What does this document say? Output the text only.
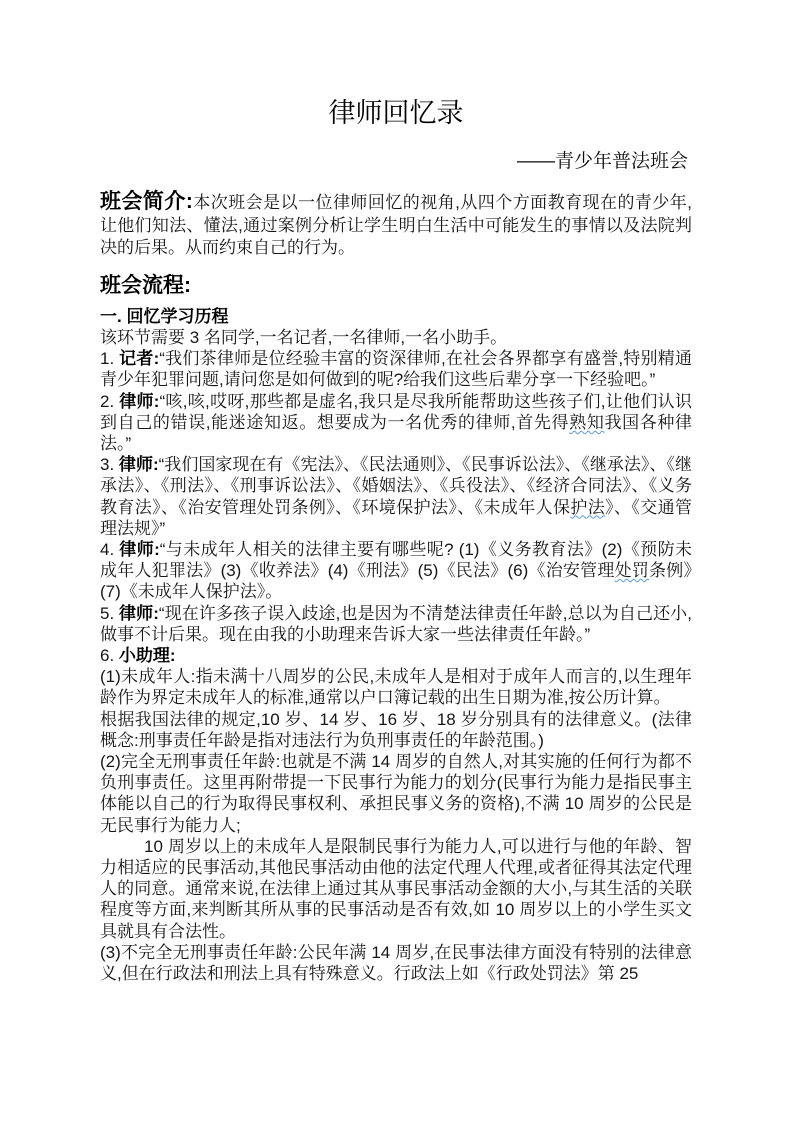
律师回忆录
——青少年普法班会

班会简介:本次班会是以一位律师回忆的视角,从四个方面教育现在的青少年,让他们知法、懂法,通过案例分析让学生明白生活中可能发生的事情以及法院判决的后果。从而约束自己的行为。

班会流程:
一. 回忆学习历程

该环节需要 3 名同学,一名记者,一名律师,一名小助手。

1. 记者:“我们茶律师是位经验丰富的资深律师,在社会各界都享有盛誉,特别精通青少年犯罪问题,请问您是如何做到的呢?给我们这些后辈分享一下经验吧。”

2. 律师:“咳,咳,哎呀,那些都是虚名,我只是尽我所能帮助这些孩子们,让他们认识到自己的错误,能迷途知返。想要成为一名优秀的律师,首先得熟知我国各种律法。”

3. 律师:“我们国家现在有《宪法》、《民法通则》、《民事诉讼法》、《继承法》、《继承法》、《刑法》、《刑事诉讼法》、《婚姻法》、《兵役法》、《经济合同法》、《义务教育法》、《治安管理处罚条例》、《环境保护法》、《未成年人保护法》、《交通管理法规》”

4. 律师:“与未成年人相关的法律主要有哪些呢? (1)《义务教育法》(2)《预防未成年人犯罪法》(3)《收养法》(4)《刑法》(5)《民法》(6)《治安管理处罚条例》(7)《未成年人保护法》。

5. 律师:“现在许多孩子误入歧途,也是因为不清楚法律责任年龄,总以为自己还小,做事不计后果。现在由我的小助理来告诉大家一些法律责任年龄。”

6. 小助理:

(1)未成年人:指未满十八周岁的公民,未成年人是相对于成年人而言的,以生理年龄作为界定未成年人的标准,通常以户口簿记载的出生日期为准,按公历计算。

根据我国法律的规定,10 岁、14 岁、16 岁、18 岁分别具有的法律意义。(法律概念:刑事责任年龄是指对违法行为负刑事责任的年龄范围。)

(2)完全无刑事责任年龄:也就是不满 14 周岁的自然人,对其实施的任何行为都不负刑事责任。这里再附带提一下民事行为能力的划分(民事行为能力是指民事主体能以自己的行为取得民事权利、承担民事义务的资格),不满 10 周岁的公民是无民事行为能力人;

10 周岁以上的未成年人是限制民事行为能力人,可以进行与他的年龄、智力相适应的民事活动,其他民事活动由他的法定代理人代理,或者征得其法定代理人的同意。通常来说,在法律上通过其从事民事活动金额的大小,与其生活的关联程度等方面,来判断其所从事的民事活动是否有效,如 10 周岁以上的小学生买文具就具有合法性。

(3)不完全无刑事责任年龄:公民年满 14 周岁,在民事法律方面没有特别的法律意义,但在行政法和刑法上具有特殊意义。行政法上如《行政处罚法》第 25
